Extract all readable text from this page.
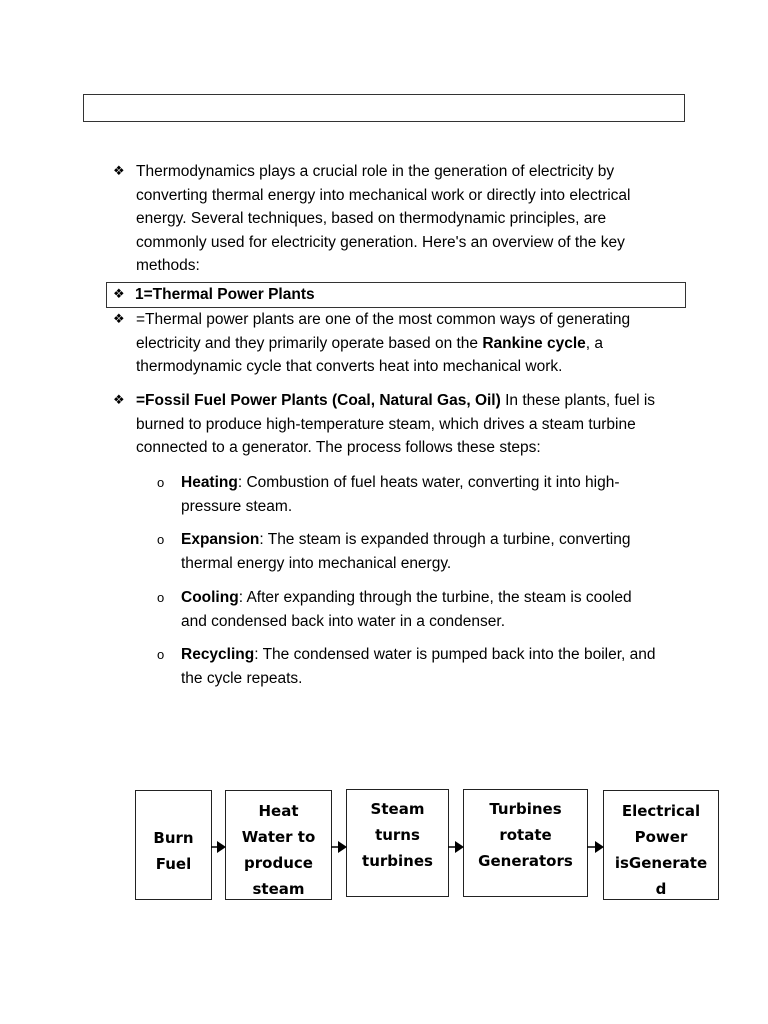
❖ Thermodynamics plays a crucial role in the generation of electricity by
converting thermal energy into mechanical work or directly into electrical
energy. Several techniques, based on thermodynamic principles, are
commonly used for electricity generation. Here's an overview of the key
methods:
❖ 1=Thermal Power Plants
❖ =Thermal power plants are one of the most common ways of generating
electricity and they primarily operate based on the Rankine cycle, a
thermodynamic cycle that converts heat into mechanical work.
❖ =Fossil Fuel Power Plants (Coal, Natural Gas, Oil) In these plants, fuel is
burned to produce high-temperature steam, which drives a steam turbine
connected to a generator. The process follows these steps:
o Heating: Combustion of fuel heats water, converting it into high-
pressure steam.
o Expansion: The steam is expanded through a turbine, converting
thermal energy into mechanical energy.
o Cooling: After expanding through the turbine, the steam is cooled
and condensed back into water in a condenser.
o Recycling: The condensed water is pumped back into the boiler, and
the cycle repeats.
Burn
Fuel
Heat
Water to
produce
steam
Steam
turns
turbines
Turbines
rotate
Generators
Electrical
Power
isGenerate
d
